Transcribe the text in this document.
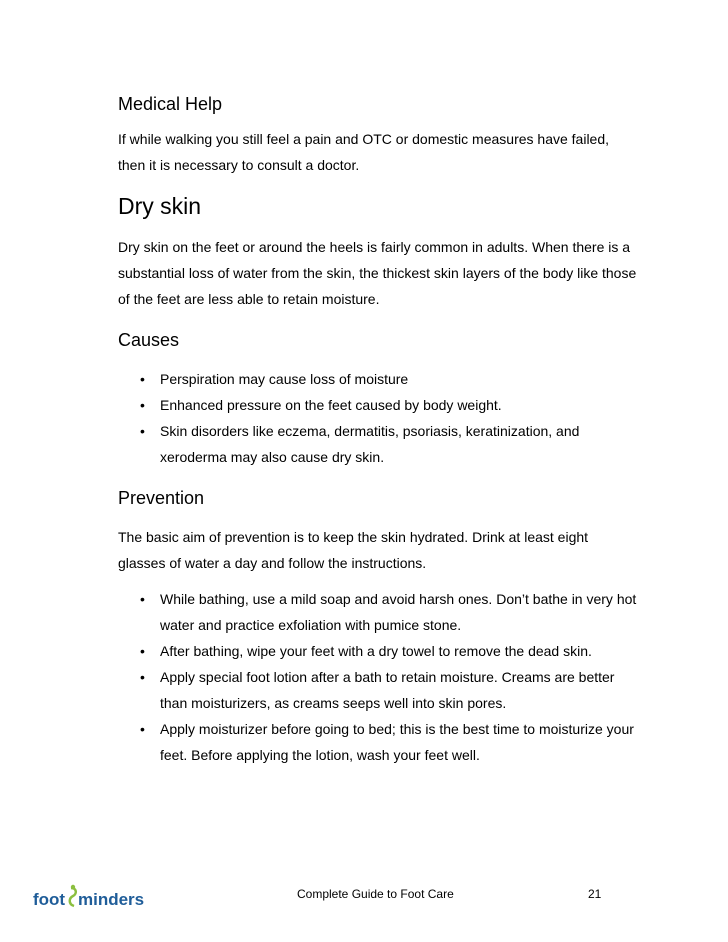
Medical Help

If while walking you still feel a pain and OTC or domestic measures have failed, then it is necessary to consult a doctor.

Dry skin

Dry skin on the feet or around the heels is fairly common in adults. When there is a substantial loss of water from the skin, the thickest skin layers of the body like those of the feet are less able to retain moisture.

Causes
• Perspiration may cause loss of moisture
• Enhanced pressure on the feet caused by body weight.
• Skin disorders like eczema, dermatitis, psoriasis, keratinization, and xeroderma may also cause dry skin.
Prevention

The basic aim of prevention is to keep the skin hydrated. Drink at least eight glasses of water a day and follow the instructions.

• While bathing, use a mild soap and avoid harsh ones. Don’t bathe in very hot water and practice exfoliation with pumice stone.
• After bathing, wipe your feet with a dry towel to remove the dead skin.
• Apply special foot lotion after a bath to retain moisture. Creams are better than moisturizers, as creams seeps well into skin pores.
• Apply moisturizer before going to bed; this is the best time to moisturize your feet. Before applying the lotion, wash your feet well.
foot minders	Complete Guide to Foot Care	21
